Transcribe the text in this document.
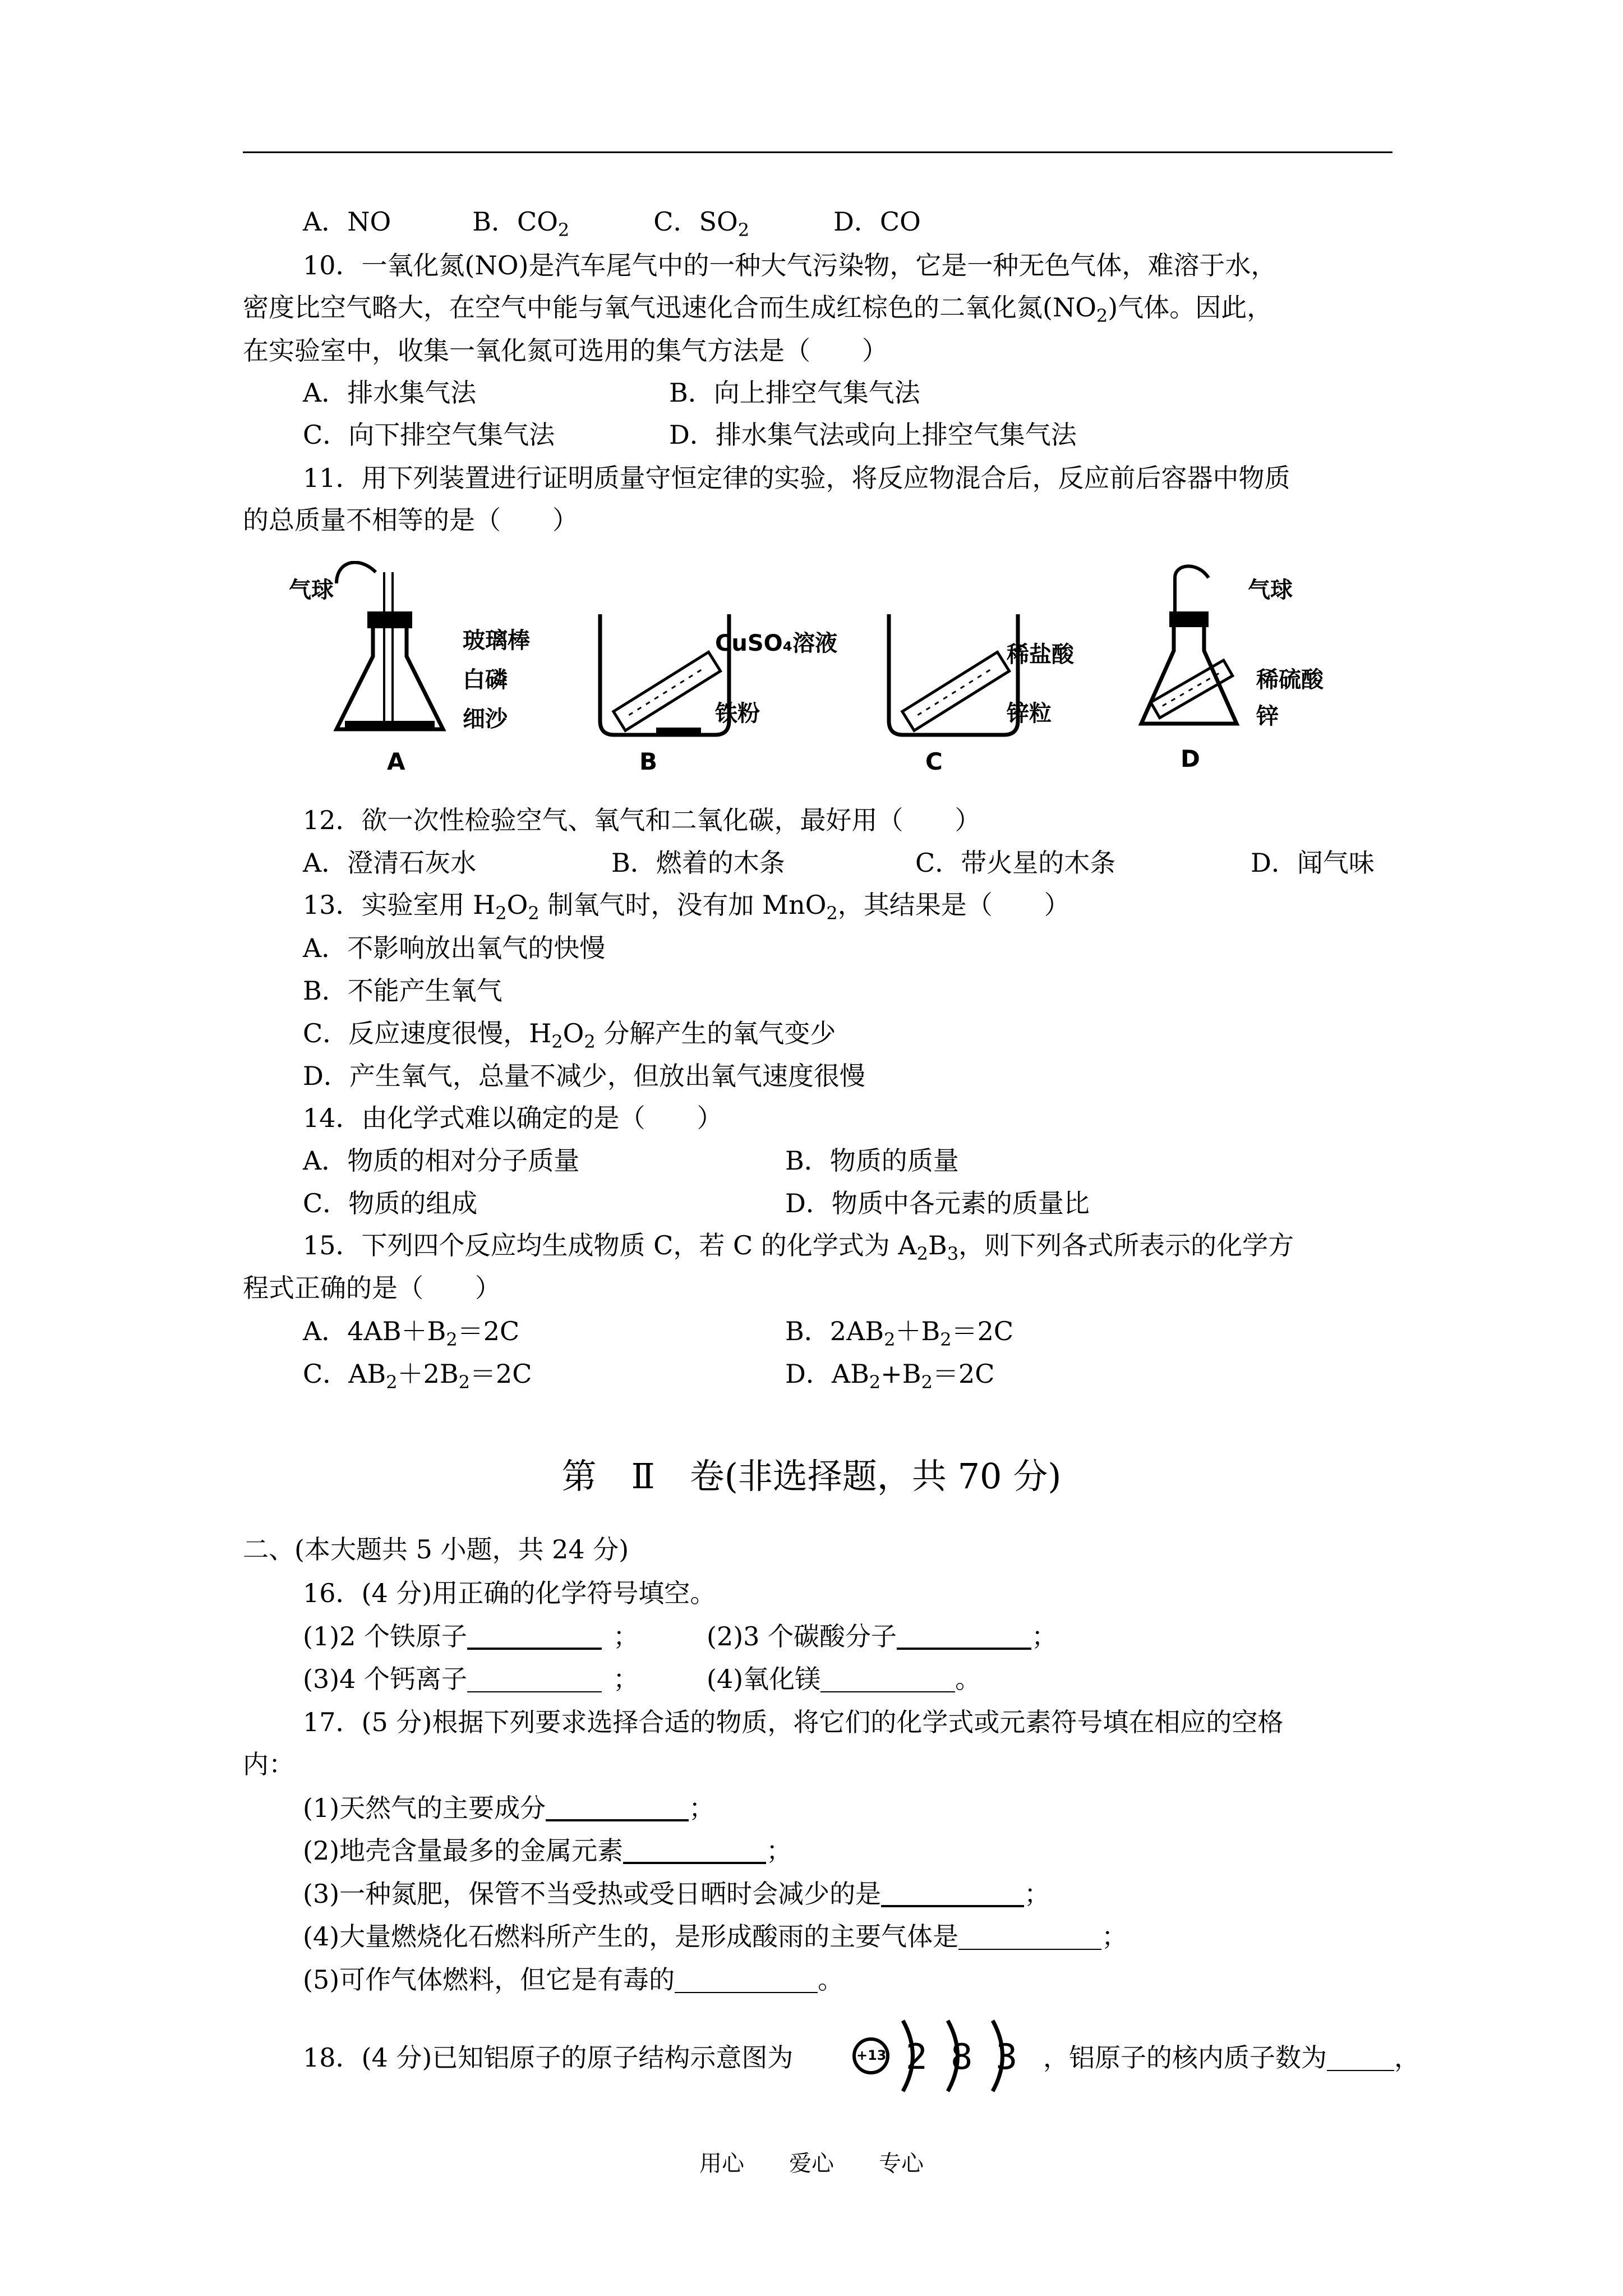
A．NO	B．$CO_2$	C．$SO_2$	D．CO
10．一氧化氮(NO)是汽车尾气中的一种大气污染物，它是一种无色气体，难溶于水，
密度比空气略大，在空气中能与氧气迅速化合而生成红棕色的二氧化氮$(NO_2)$气体。因此，
在实验室中，收集一氧化氮可选用的集气方法是（　　）
A．排水集气法	B．向上排空气集气法
C．向下排空气集气法	D．排水集气法或向上排空气集气法
11．用下列装置进行证明质量守恒定律的实验，将反应物混合后，反应前后容器中物质
的总质量不相等的是（　　）
气球
玻璃棒
白磷
细沙
A
CuSO₄溶液
铁粉
B
稀盐酸
锌粒
C
气球
稀硫酸
锌
D
12．欲一次性检验空气、氧气和二氧化碳，最好用（　　）
A．澄清石灰水	B．燃着的木条	C．带火星的木条	D．闻气味
13．实验室用 $H_2O_2$ 制氧气时，没有加 MnO$_2$，其结果是（　　）
A．不影响放出氧气的快慢
B．不能产生氧气
C．反应速度很慢，$H_2O_2$ 分解产生的氧气变少
D．产生氧气，总量不减少，但放出氧气速度很慢
14．由化学式难以确定的是（　　）
A．物质的相对分子质量	B．物质的质量
C．物质的组成	D．物质中各元素的质量比
15．下列四个反应均生成物质 C，若 C 的化学式为 $A_2B_3$，则下列各式所表示的化学方
程式正确的是（　　）
A．$4AB+B_2=2C$	B．$2AB_2+B_2=2C$
C．$AB_2+2B_2=2C$	D．$AB_2+B_2=2C$
第　Ⅱ　卷(非选择题，共 70 分)
二、(本大题共 5 小题，共 24 分)
16．(4 分)用正确的化学符号填空。
(1)2 个铁原子	；	(2)3 个碳酸分子	；
(3)4 个钙离子	；	(4)氧化镁	。
17．(5 分)根据下列要求选择合适的物质，将它们的化学式或元素符号填在相应的空格
内：
(1)天然气的主要成分	；
(2)地壳含量最多的金属元素	；
(3)一种氮肥，保管不当受热或受日晒时会减少的是	；
(4)大量燃烧化石燃料所产生的，是形成酸雨的主要气体是	；
(5)可作气体燃料，但它是有毒的	。
18．(4 分)已知铝原子的原子结构示意图为	+13 2 8 3 ，铝原子的核内质子数为	，
用心 爱心 专心
